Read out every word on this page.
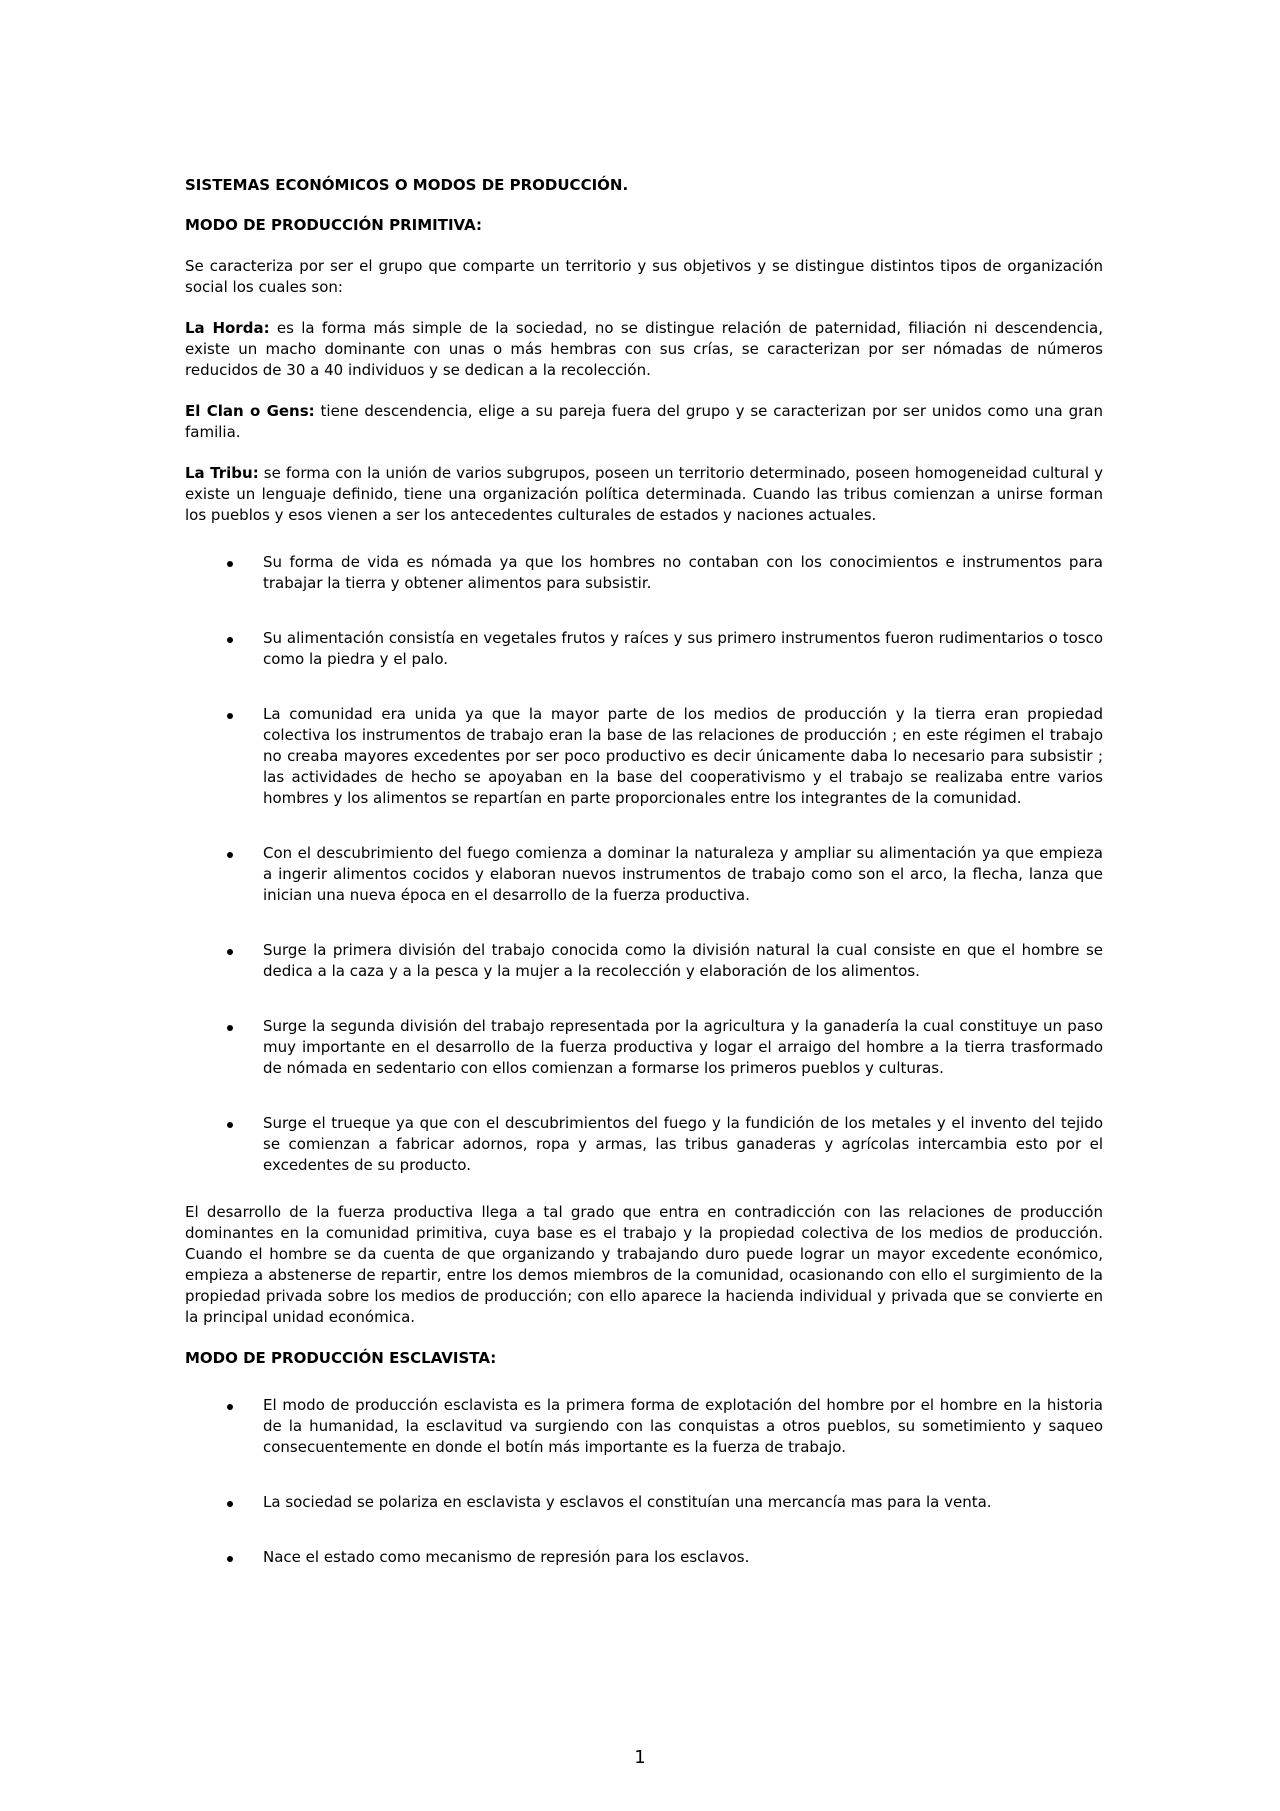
SISTEMAS ECONÓMICOS O MODOS DE PRODUCCIÓN.

MODO DE PRODUCCIÓN PRIMITIVA:

Se caracteriza por ser el grupo que comparte un territorio y sus objetivos y se distingue distintos tipos de organización social los cuales son:

La Horda: es la forma más simple de la sociedad, no se distingue relación de paternidad, filiación ni descendencia, existe un macho dominante con unas o más hembras con sus crías, se caracterizan por ser nómadas de números reducidos de 30 a 40 individuos y se dedican a la recolección.

El Clan o Gens: tiene descendencia, elige a su pareja fuera del grupo y se caracterizan por ser unidos como una gran familia.

La Tribu: se forma con la unión de varios subgrupos, poseen un territorio determinado, poseen homogeneidad cultural y existe un lenguaje definido, tiene una organización política determinada. Cuando las tribus comienzan a unirse forman los pueblos y esos vienen a ser los antecedentes culturales de estados y naciones actuales.

Su forma de vida es nómada ya que los hombres no contaban con los conocimientos e instrumentos para trabajar la tierra y obtener alimentos para subsistir.
Su alimentación consistía en vegetales frutos y raíces y sus primero instrumentos fueron rudimentarios o tosco como la piedra y el palo.
La comunidad era unida ya que la mayor parte de los medios de producción y la tierra eran propiedad colectiva los instrumentos de trabajo eran la base de las relaciones de producción ; en este régimen el trabajo no creaba mayores excedentes por ser poco productivo es decir únicamente daba lo necesario para subsistir ; las actividades de hecho se apoyaban en la base del cooperativismo y el trabajo se realizaba entre varios hombres y los alimentos se repartían en parte proporcionales entre los integrantes de la comunidad.
Con el descubrimiento del fuego comienza a dominar la naturaleza y ampliar su alimentación ya que empieza a ingerir alimentos cocidos y elaboran nuevos instrumentos de trabajo como son el arco, la flecha, lanza que inician una nueva época en el desarrollo de la fuerza productiva.
Surge la primera división del trabajo conocida como la división natural la cual consiste en que el hombre se dedica a la caza y a la pesca y la mujer a la recolección y elaboración de los alimentos.
Surge la segunda división del trabajo representada por la agricultura y la ganadería la cual constituye un paso muy importante en el desarrollo de la fuerza productiva y logar el arraigo del hombre a la tierra trasformado de nómada en sedentario con ellos comienzan a formarse los primeros pueblos y culturas.
Surge el trueque ya que con el descubrimientos del fuego y la fundición de los metales y el invento del tejido se comienzan a fabricar adornos, ropa y armas, las tribus ganaderas y agrícolas intercambia esto por el excedentes de su producto.

El desarrollo de la fuerza productiva llega a tal grado que entra en contradicción con las relaciones de producción dominantes en la comunidad primitiva, cuya base es el trabajo y la propiedad colectiva de los medios de producción. Cuando el hombre se da cuenta de que organizando y trabajando duro puede lograr un mayor excedente económico, empieza a abstenerse de repartir, entre los demos miembros de la comunidad, ocasionando con ello el surgimiento de la propiedad privada sobre los medios de producción; con ello aparece la hacienda individual y privada que se convierte en la principal unidad económica.

MODO DE PRODUCCIÓN ESCLAVISTA:

El modo de producción esclavista es la primera forma de explotación del hombre por el hombre en la historia de la humanidad, la esclavitud va surgiendo con las conquistas a otros pueblos, su sometimiento y saqueo consecuentemente en donde el botín más importante es la fuerza de trabajo.
La sociedad se polariza en esclavista y esclavos el constituían una mercancía mas para la venta.
Nace el estado como mecanismo de represión para los esclavos.
1
